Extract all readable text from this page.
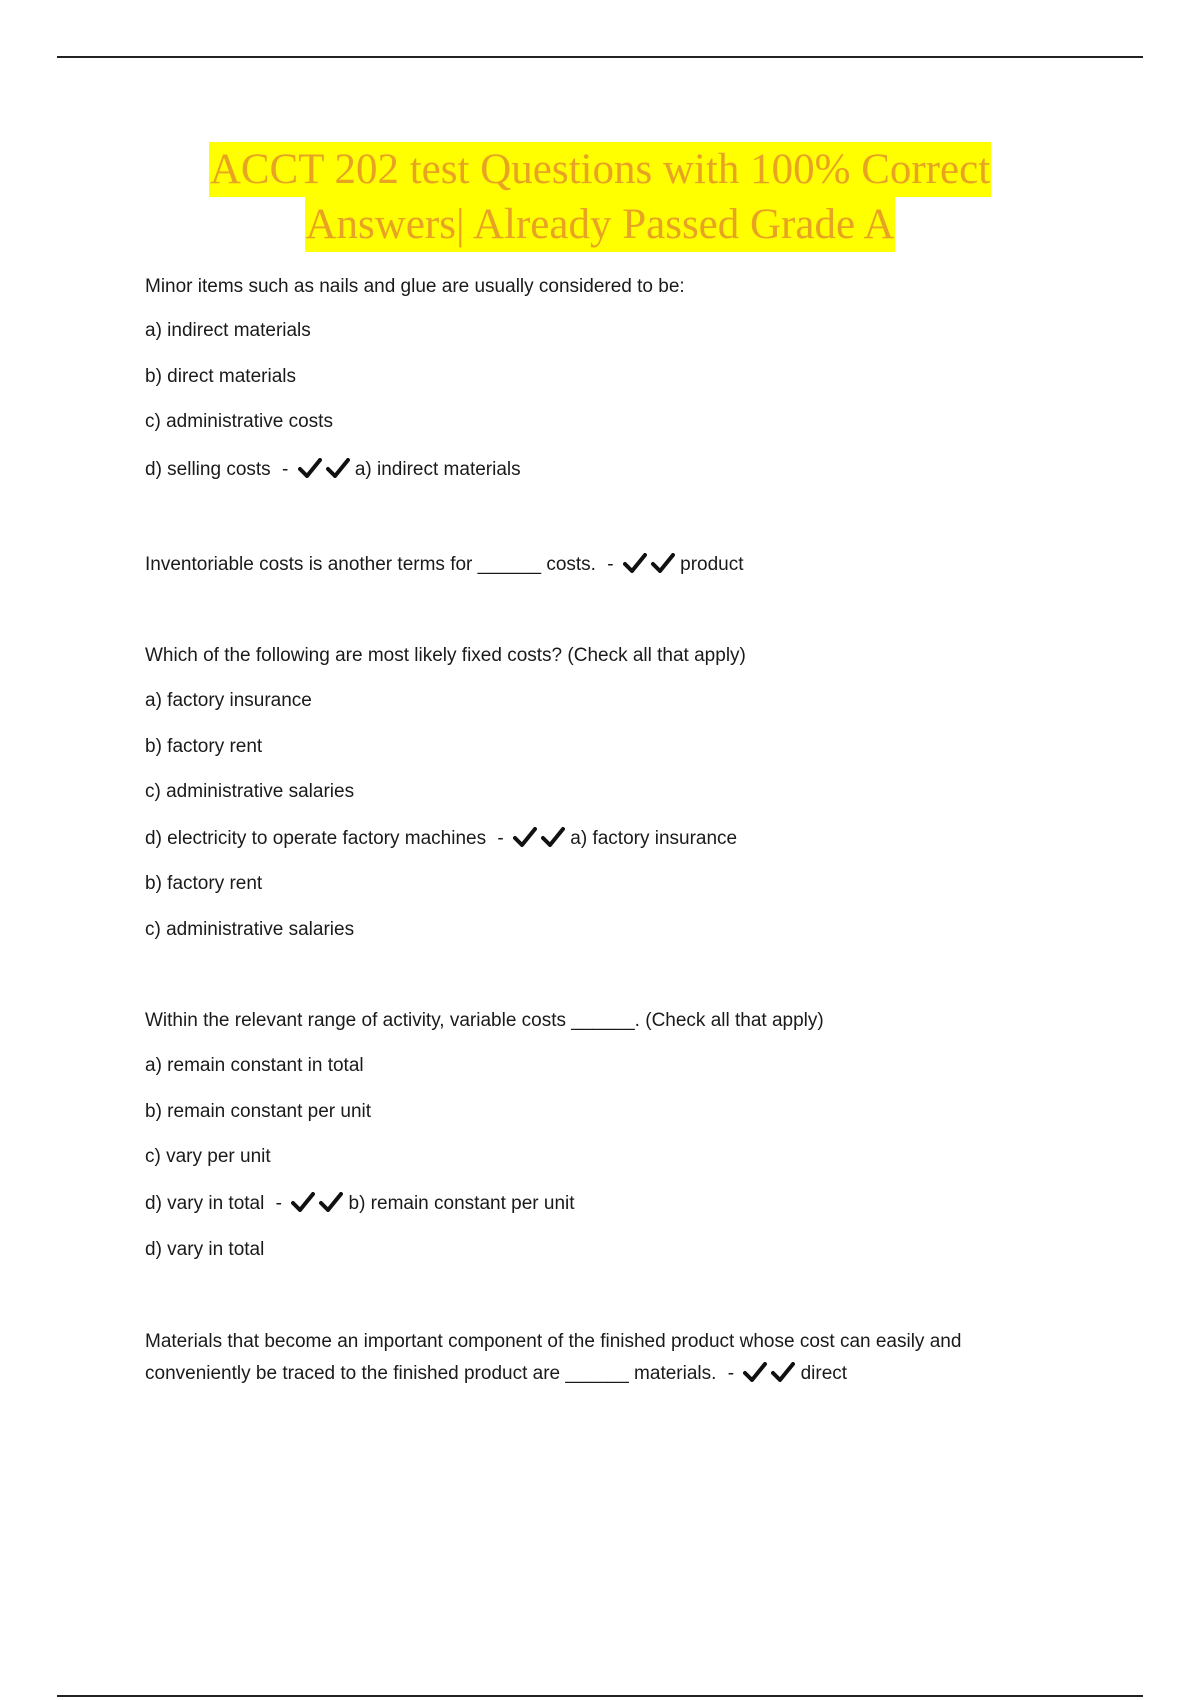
ACCT 202 test Questions with 100% Correct
Answers| Already Passed Grade A
Minor items such as nails and glue are usually considered to be:
a) indirect materials
b) direct materials
c) administrative costs
d) selling costs -	a) indirect materials
Inventoriable costs is another terms for ______ costs. -	product
Which of the following are most likely fixed costs? (Check all that apply)
a) factory insurance
b) factory rent
c) administrative salaries
d) electricity to operate factory machines -	a) factory insurance
b) factory rent
c) administrative salaries
Within the relevant range of activity, variable costs ______. (Check all that apply)
a) remain constant in total
b) remain constant per unit
c) vary per unit
d) vary in total -	b) remain constant per unit
d) vary in total
Materials that become an important component of the finished product whose cost can easily and
conveniently be traced to the finished product are ______ materials. -	direct
